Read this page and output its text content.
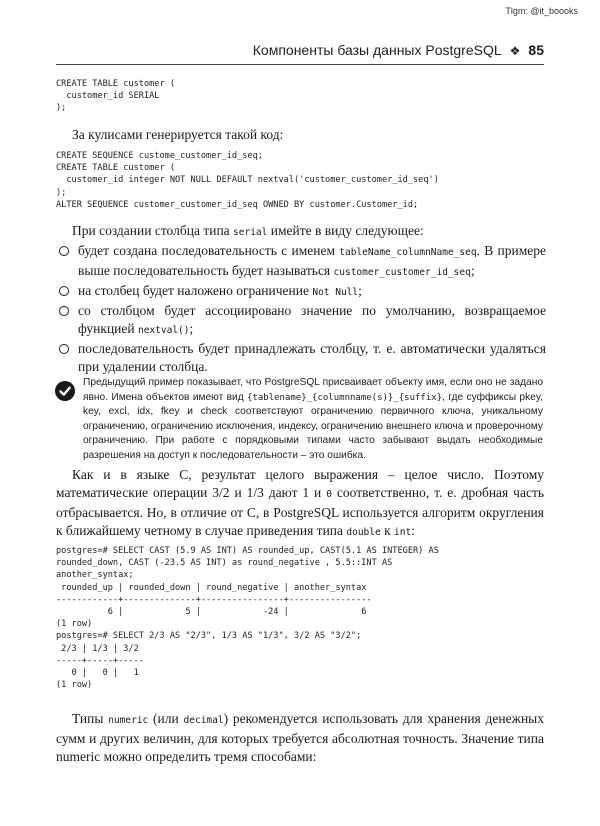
Tlgm: @it_boooks
Компоненты базы данных PostgreSQL ❖ 85
CREATE TABLE customer (
customer_id SERIAL
);
За кулисами генерируется такой код:
CREATE SEQUENCE custome_customer_id_seq;
CREATE TABLE customer (
customer_id integer NOT NULL DEFAULT nextval('customer_customer_id_seq')
);
ALTER SEQUENCE customer_customer_id_seq OWNED BY customer.Customer_id;
При создании столбца типа serial имейте в виду следующее:
будет создана последовательность с именем tableName_columnName_seq. В примере выше последовательность будет называться customer_customer_id_seq;
на столбец будет наложено ограничение Not Null;
со столбцом будет ассоциировано значение по умолчанию, возвращаемое функцией nextval();
последовательность будет принадлежать столбцу, т. е. автоматически удаляться при удалении столбца.
Предыдущий пример показывает, что PostgreSQL присваивает объекту имя, если оно не задано явно. Имена объектов имеют вид {tablename}_{columnname(s)}_{suffix}, где суффиксы pkey, key, excl, idx, fkey и check соответствуют ограничению первичного ключа, уникальному ограничению, ограничению исключения, индексу, ограничению внешнего ключа и проверочному ограничению. При работе с порядковыми типами часто забывают выдать необходимые разрешения на доступ к последовательности – это ошибка.
Как и в языке C, результат целого выражения – целое число. Поэтому математические операции 3/2 и 1/3 дают 1 и 0 соответственно, т. е. дробная часть отбрасывается. Но, в отличие от C, в PostgreSQL используется алгоритм округления к ближайшему четному в случае приведения типа double к int:
postgres=# SELECT CAST (5.9 AS INT) AS rounded_up, CAST(5.1 AS INTEGER) AS
rounded_down, CAST (-23.5 AS INT) as round_negative , 5.5::INT AS
another_syntax;
rounded_up | rounded_down | round_negative | another_syntax
------------+--------------+----------------+----------------
6 |            5 |            -24 |              6
(1 row)
postgres=# SELECT 2/3 AS "2/3", 1/3 AS "1/3", 3/2 AS "3/2";
2/3 | 1/3 | 3/2
-----+-----+-----
0 |   0 |   1
(1 row)
Типы numeric (или decimal) рекомендуется использовать для хранения денежных сумм и других величин, для которых требуется абсолютная точность. Значение типа numeric можно определить тремя способами:
